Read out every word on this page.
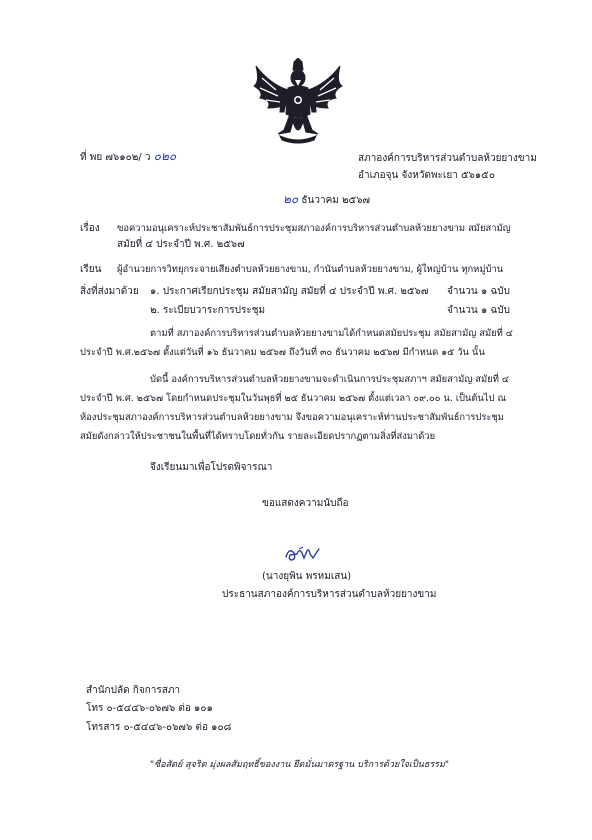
ที่ พย ๗๖๑๐๒/ ว ๐๒๐	สภาองค์การบริหารส่วนตำบลห้วยยางขาม
อำเภอจุน จังหวัดพะเยา ๕๖๑๕๐
๒๐ ธันวาคม ๒๕๖๗
เรื่อง ขอความอนุเคราะห์ประชาสัมพันธ์การประชุมสภาองค์การบริหารส่วนตำบลห้วยยางขาม สมัยสามัญ
สมัยที่ ๔ ประจำปี พ.ศ. ๒๕๖๗
เรียน ผู้อำนวยการวิทยุกระจายเสียงตำบลห้วยยางขาม, กำนันตำบลห้วยยางขาม, ผู้ใหญ่บ้าน ทุกหมู่บ้าน
สิ่งที่ส่งมาด้วย ๑. ประกาศเรียกประชุม สมัยสามัญ สมัยที่ ๔ ประจำปี พ.ศ. ๒๕๖๗ จำนวน ๑ ฉบับ
๒. ระเบียบวาระการประชุม	จำนวน ๑ ฉบับ
ตามที่ สภาองค์การบริหารส่วนตำบลห้วยยางขามได้กำหนดสมัยประชุม สมัยสามัญ สมัยที่ ๔
ประจำปี พ.ศ.๒๕๖๗ ตั้งแต่วันที่ ๑๖ ธันวาคม ๒๕๖๗ ถึงวันที่ ๓๐ ธันวาคม ๒๕๖๗ มีกำหนด ๑๕ วัน นั้น
บัดนี้ องค์การบริหารส่วนตำบลห้วยยางขามจะดำเนินการประชุมสภาฯ สมัยสามัญ สมัยที่ ๔
ประจำปี พ.ศ. ๒๕๖๗ โดยกำหนดประชุมในวันพุธที่ ๒๕ ธันวาคม ๒๕๖๗ ตั้งแต่เวลา ๐๙.๐๐ น. เป็นต้นไป ณ
ห้องประชุมสภาองค์การบริหารส่วนตำบลห้วยยางขาม จึงขอความอนุเคราะห์ท่านประชาสัมพันธ์การประชุม
สมัยดังกล่าวให้ประชาชนในพื้นที่ได้ทราบโดยทั่วกัน รายละเอียดปรากฏตามสิ่งที่ส่งมาด้วย
จึงเรียนมาเพื่อโปรดพิจารณา
ขอแสดงความนับถือ
(นางยุพิน พรหมเสน)
ประธานสภาองค์การบริหารส่วนตำบลห้วยยางขาม
สำนักปลัด กิจการสภา
โทร ๐-๕๔๔๖-๐๖๗๖ ต่อ ๑๐๑
โทรสาร ๐-๕๔๔๖-๐๖๗๖ ต่อ ๑๐๘
"ซื่อสัตย์ สุจริต มุ่งผลสัมฤทธิ์ของงาน ยึดมั่นมาตรฐาน บริการด้วยใจเป็นธรรม"
